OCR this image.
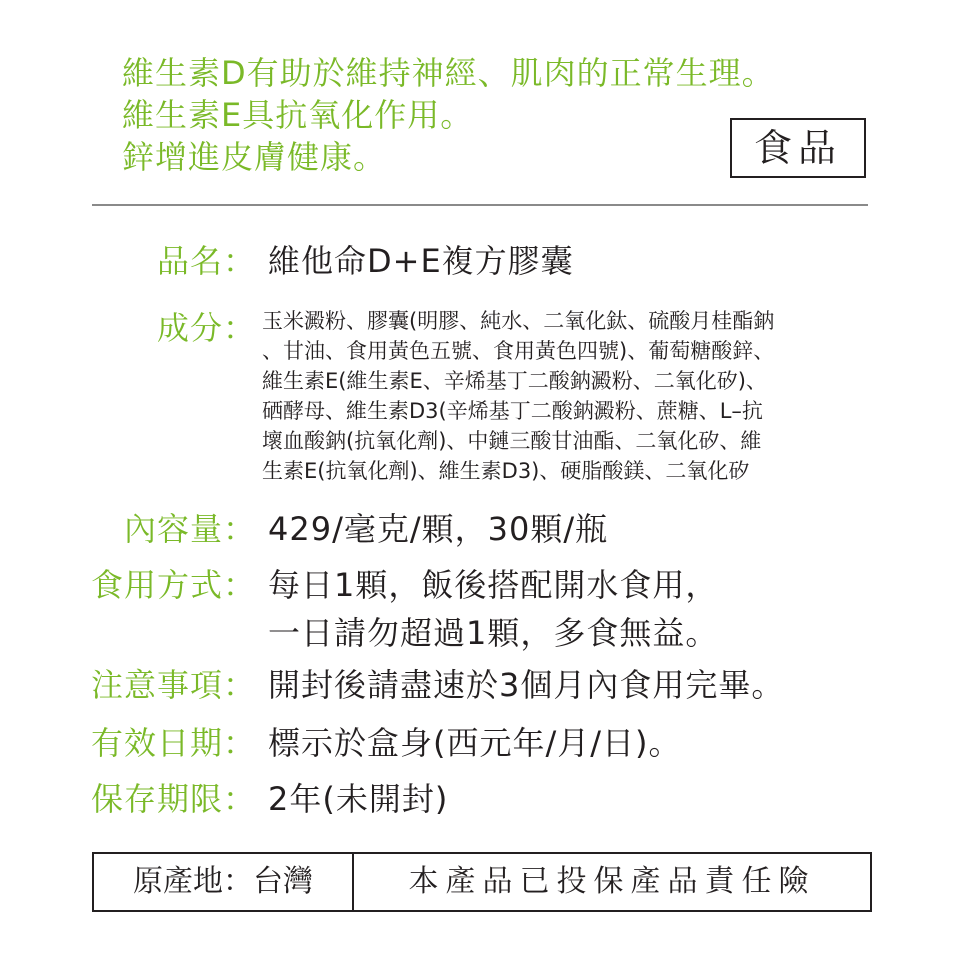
維生素D有助於維持神經、肌肉的正常生理。
維生素E具抗氧化作用。
鋅增進皮膚健康。	食品
品名： 維他命D+E複方膠囊
成分： 玉米澱粉、膠囊(明膠、純水、二氧化鈦、硫酸月桂酯鈉
、甘油、食用黃色五號、食用黃色四號)、葡萄糖酸鋅、
維生素E(維生素E、辛烯基丁二酸鈉澱粉、二氧化矽)、
硒酵母、維生素D3(辛烯基丁二酸鈉澱粉、蔗糖、L–抗
壞血酸鈉(抗氧化劑)、中鏈三酸甘油酯、二氧化矽、維
生素E(抗氧化劑)、維生素D3)、硬脂酸鎂、二氧化矽
內容量： 429/毫克/顆，30顆/瓶
食用方式： 每日1顆，飯後搭配開水食用，
一日請勿超過1顆，多食無益。
注意事項： 開封後請盡速於3個月內食用完畢。
有效日期： 標示於盒身(西元年/月/日)。
保存期限： 2年(未開封)
原產地：台灣	本產品已投保產品責任險
